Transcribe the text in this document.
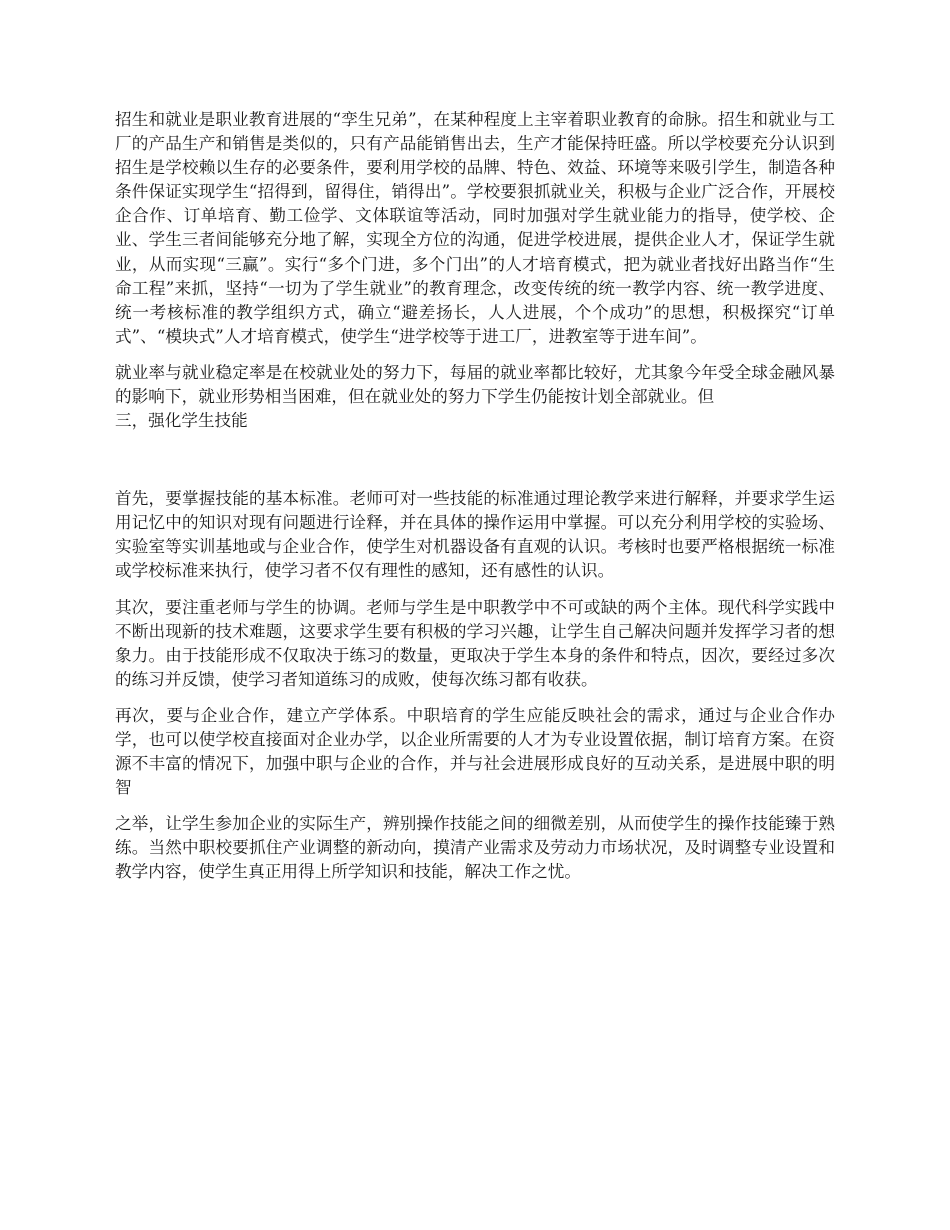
招生和就业是职业教育进展的“孪生兄弟”，在某种程度上主宰着职业教育的命脉。招生和就业与工厂的产品生产和销售是类似的，只有产品能销售出去，生产才能保持旺盛。所以学校要充分认识到招生是学校赖以生存的必要条件，要利用学校的品牌、特色、效益、环境等来吸引学生，制造各种条件保证实现学生“招得到，留得住，销得出”。学校要狠抓就业关，积极与企业广泛合作，开展校企合作、订单培育、勤工俭学、文体联谊等活动，同时加强对学生就业能力的指导，使学校、企业、学生三者间能够充分地了解，实现全方位的沟通，促进学校进展，提供企业人才，保证学生就业，从而实现“三赢”。实行“多个门进，多个门出”的人才培育模式，把为就业者找好出路当作“生命工程”来抓，坚持“一切为了学生就业”的教育理念，改变传统的统一教学内容、统一教学进度、统一考核标准的教学组织方式，确立“避差扬长，人人进展，个个成功”的思想，积极探究“订单式”、“模块式”人才培育模式，使学生“进学校等于进工厂，进教室等于进车间”。

就业率与就业稳定率是在校就业处的努力下，每届的就业率都比较好，尤其象今年受全球金融风暴的影响下，就业形势相当困难，但在就业处的努力下学生仍能按计划全部就业。但

三，强化学生技能

首先，要掌握技能的基本标准。老师可对一些技能的标准通过理论教学来进行解释，并要求学生运用记忆中的知识对现有问题进行诠释，并在具体的操作运用中掌握。可以充分利用学校的实验场、实验室等实训基地或与企业合作，使学生对机器设备有直观的认识。考核时也要严格根据统一标准或学校标准来执行，使学习者不仅有理性的感知，还有感性的认识。

其次，要注重老师与学生的协调。老师与学生是中职教学中不可或缺的两个主体。现代科学实践中不断出现新的技术难题，这要求学生要有积极的学习兴趣，让学生自己解决问题并发挥学习者的想象力。由于技能形成不仅取决于练习的数量，更取决于学生本身的条件和特点，因次，要经过多次的练习并反馈，使学习者知道练习的成败，使每次练习都有收获。

再次，要与企业合作，建立产学体系。中职培育的学生应能反映社会的需求，通过与企业合作办学，也可以使学校直接面对企业办学，以企业所需要的人才为专业设置依据，制订培育方案。在资源不丰富的情况下，加强中职与企业的合作，并与社会进展形成良好的互动关系，是进展中职的明智

之举，让学生参加企业的实际生产，辨别操作技能之间的细微差别，从而使学生的操作技能臻于熟练。当然中职校要抓住产业调整的新动向，摸清产业需求及劳动力市场状况，及时调整专业设置和教学内容，使学生真正用得上所学知识和技能，解决工作之忧。
